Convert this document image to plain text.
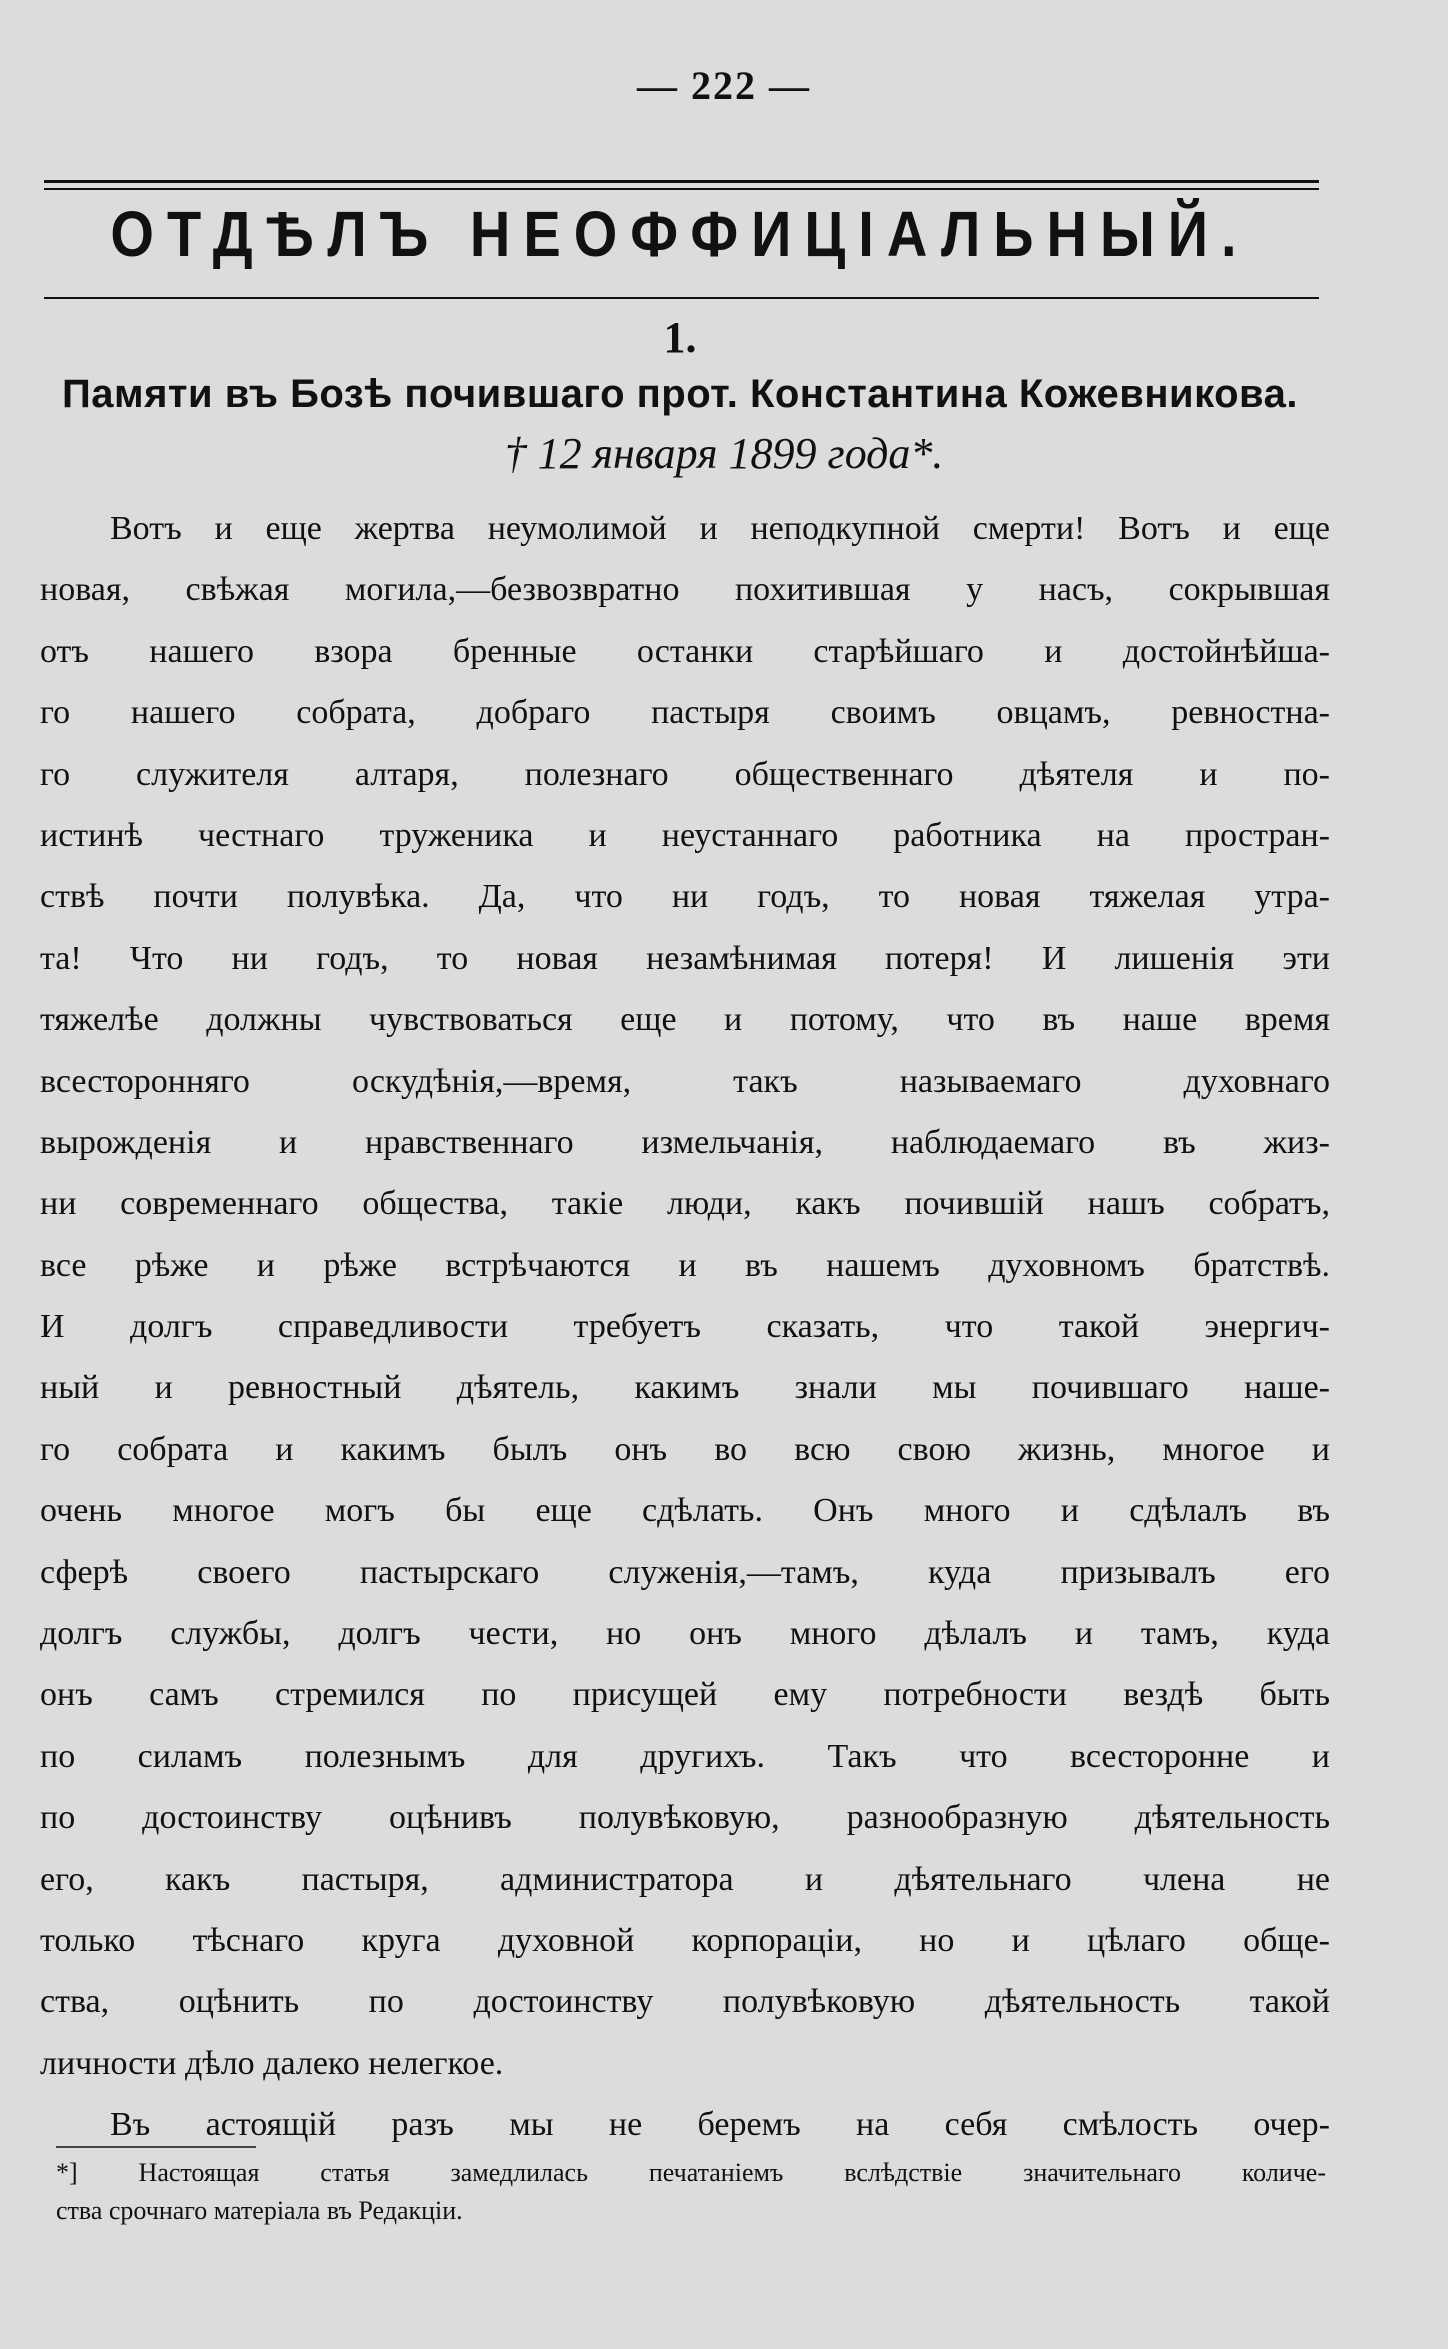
— 222 —
ОТДѢЛЪ НЕОФФИЦІАЛЬНЫЙ.
1.
Памяти въ Бозѣ почившаго прот. Константина Кожевникова.
† 12 января 1899 года*.
Вотъ и еще жертва неумолимой и неподкупной смерти! Вотъ и еще
новая, свѣжая могила,—безвозвратно похитившая у насъ, сокрывшая
отъ нашего взора бренные останки старѣйшаго и достойнѣйша-
го нашего собрата, добраго пастыря своимъ овцамъ, ревностна-
го служителя алтаря, полезнаго общественнаго дѣятеля и по-
истинѣ честнаго труженика и неустаннаго работника на простран-
ствѣ почти полувѣка. Да, что ни годъ, то новая тяжелая утра-
та! Что ни годъ, то новая незамѣнимая потеря! И лишенія эти
тяжелѣе должны чувствоваться еще и потому, что въ наше время
всесторонняго оскудѣнія,—время, такъ называемаго духовнаго
вырожденія и нравственнаго измельчанія, наблюдаемаго въ жиз-
ни современнаго общества, такіе люди, какъ почившій нашъ собратъ,
все рѣже и рѣже встрѣчаются и въ нашемъ духовномъ братствѣ.
И долгъ справедливости требуетъ сказать, что такой энергич-
ный и ревностный дѣятель, какимъ знали мы почившаго наше-
го собрата и какимъ былъ онъ во всю свою жизнь, многое и
очень многое могъ бы еще сдѣлать. Онъ много и сдѣлалъ въ
сферѣ своего пастырскаго служенія,—тамъ, куда призывалъ его
долгъ службы, долгъ чести, но онъ много дѣлалъ и тамъ, куда
онъ самъ стремился по присущей ему потребности вездѣ быть
по силамъ полезнымъ для другихъ. Такъ что всесторонне и
по достоинству оцѣнивъ полувѣковую, разнообразную дѣятельность
его, какъ пастыря, администратора и дѣятельнаго члена не
только тѣснаго круга духовной корпораціи, но и цѣлаго обще-
ства, оцѣнить по достоинству полувѣковую дѣятельность такой
личности дѣло далеко нелегкое.
Въ астоящій разъ мы не беремъ на себя смѣлость очер-
*] Настоящая статья замедлилась печатаніемъ вслѣдствіе значительнаго количе-
ства срочнаго матеріала въ Редакціи.
